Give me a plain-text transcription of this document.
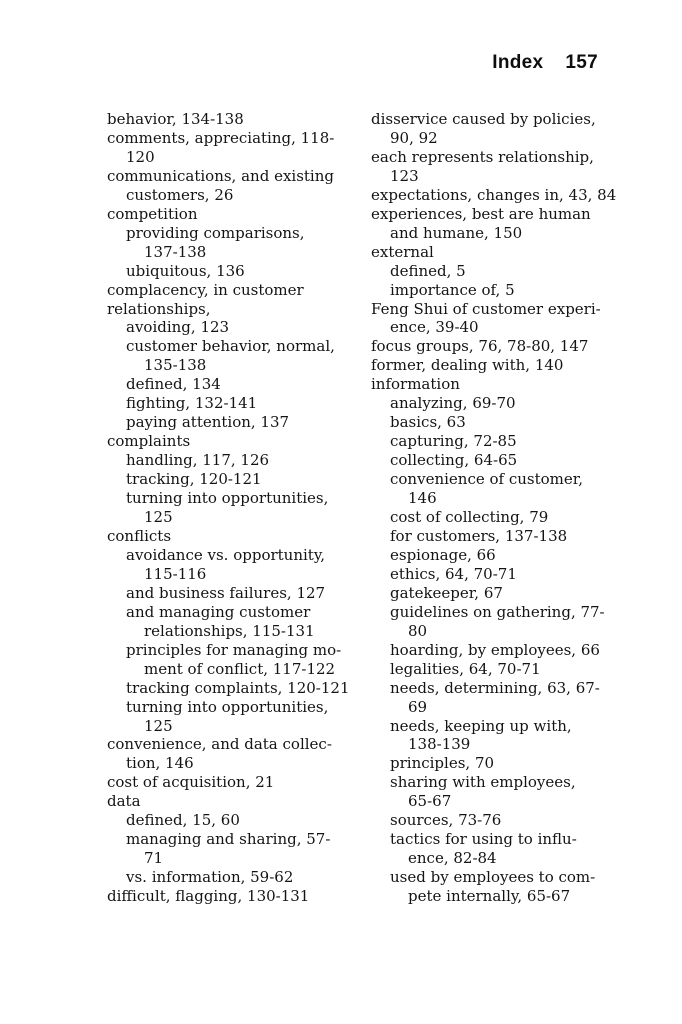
Index 157
behavior, 134-138
comments, appreciating, 118-
120
communications, and existing
customers, 26
competition
providing comparisons,
137-138
ubiquitous, 136
complacency, in customer
relationships,
avoiding, 123
customer behavior, normal,
135-138
defined, 134
fighting, 132-141
paying attention, 137
complaints
handling, 117, 126
tracking, 120-121
turning into opportunities,
125
conflicts
avoidance vs. opportunity,
115-116
and business failures, 127
and managing customer
relationships, 115-131
principles for managing mo-
ment of conflict, 117-122
tracking complaints, 120-121
turning into opportunities,
125
convenience, and data collec-
tion, 146
cost of acquisition, 21
data
defined, 15, 60
managing and sharing, 57-
71
vs. information, 59-62
difficult, flagging, 130-131
disservice caused by policies,
90, 92
each represents relationship,
123
expectations, changes in, 43, 84
experiences, best are human
and humane, 150
external
defined, 5
importance of, 5
Feng Shui of customer experi-
ence, 39-40
focus groups, 76, 78-80, 147
former, dealing with, 140
information
analyzing, 69-70
basics, 63
capturing, 72-85
collecting, 64-65
convenience of customer,
146
cost of collecting, 79
for customers, 137-138
espionage, 66
ethics, 64, 70-71
gatekeeper, 67
guidelines on gathering, 77-
80
hoarding, by employees, 66
legalities, 64, 70-71
needs, determining, 63, 67-
69
needs, keeping up with,
138-139
principles, 70
sharing with employees,
65-67
sources, 73-76
tactics for using to influ-
ence, 82-84
used by employees to com-
pete internally, 65-67
